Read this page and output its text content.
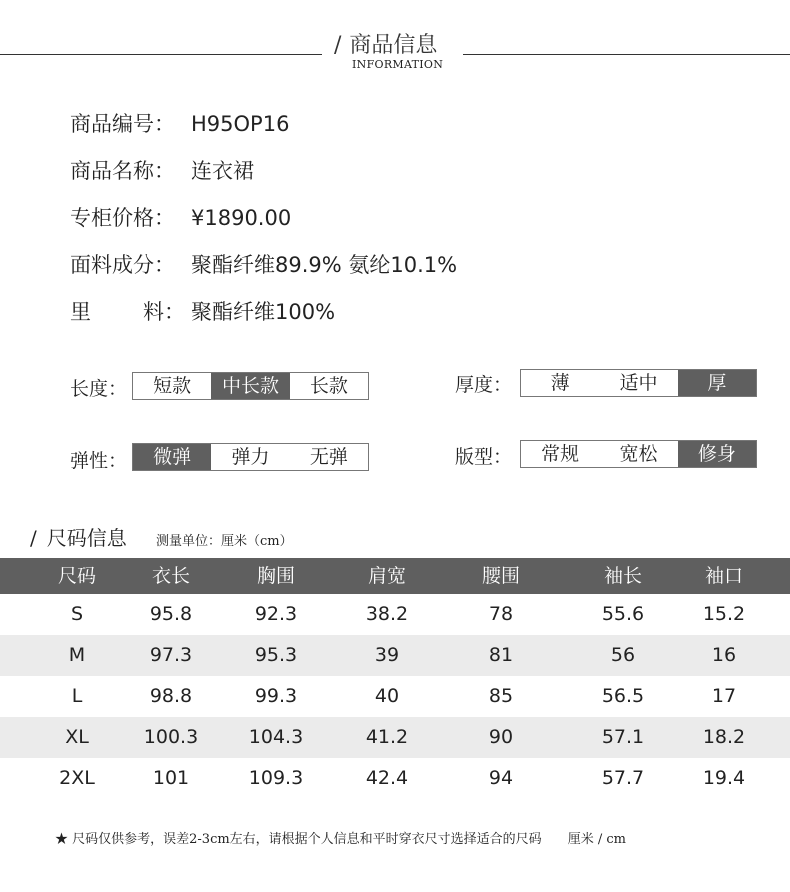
/ 商品信息
INFORMATION
商品编号： H95OP16
商品名称： 连衣裙
专柜价格： ¥1890.00
面料成分： 聚酯纤维89.9% 氨纶10.1%
里 料： 聚酯纤维100%
长度：	短款	中长款	长款	厚度：	薄	适中	厚
弹性：	微弹	弹力	无弹	版型：	常规	宽松	修身
/ 尺码信息 测量单位：厘米（cm）
尺码	衣长	胸围	肩宽	腰围	袖长	袖口
S	95.8	92.3	38.2	78	55.6	15.2
M	97.3	95.3	39	81	56	16
L	98.8	99.3	40	85	56.5	17
XL	100.3	104.3	41.2	90	57.1	18.2
2XL	101	109.3	42.4	94	57.7	19.4
★ 尺码仅供参考，误差2-3cm左右，请根据个人信息和平时穿衣尺寸选择适合的尺码 厘米 / cm
